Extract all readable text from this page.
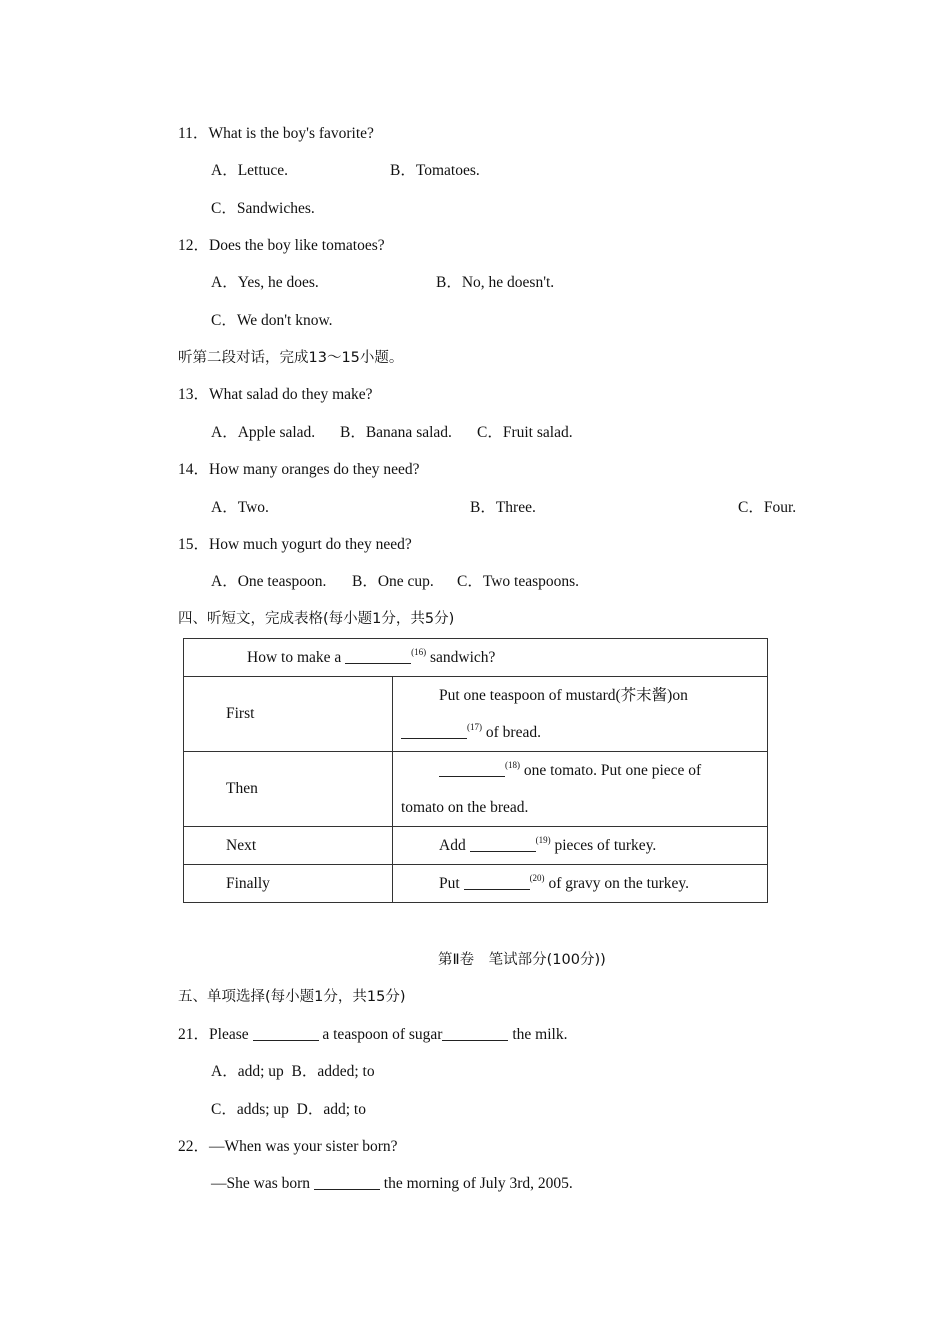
11．What is the boy's favorite?
A．Lettuce.	B．Tomatoes.
C．Sandwiches.
12．Does the boy like tomatoes?
A．Yes, he does.	B．No, he doesn't.
C．We don't know.
听第二段对话，完成13～15小题。
13．What salad do they make?
A．Apple salad. B．Banana salad. C．Fruit salad.
14．How many oranges do they need?
A．Two.	B．Three.	C．Four.
15．How much yogurt do they need?
A．One teaspoon. B．One cup. C．Two teaspoons.
四、听短文，完成表格(每小题1分，共5分)
How to make a $^{(16)}$ sandwich?	
First	Put one teaspoon of mustard(芥末酱)on
$^{(17)}$ of bread.

Then	$^{(18)}$ one tomato. Put one piece of
tomato on the bread.

Next	Add $^{(19)}$ pieces of turkey.

Finally	Put $^{(20)}$ of gravy on the turkey.
第Ⅱ卷　笔试部分(100分))
五、单项选择(每小题1分，共15分)
21．Please	a teaspoon of sugar	the milk.
A．add; up  B．added; to
C．adds; up  D．add; to
22．—When was your sister born?
—She was born	the morning of July 3rd, 2005.
